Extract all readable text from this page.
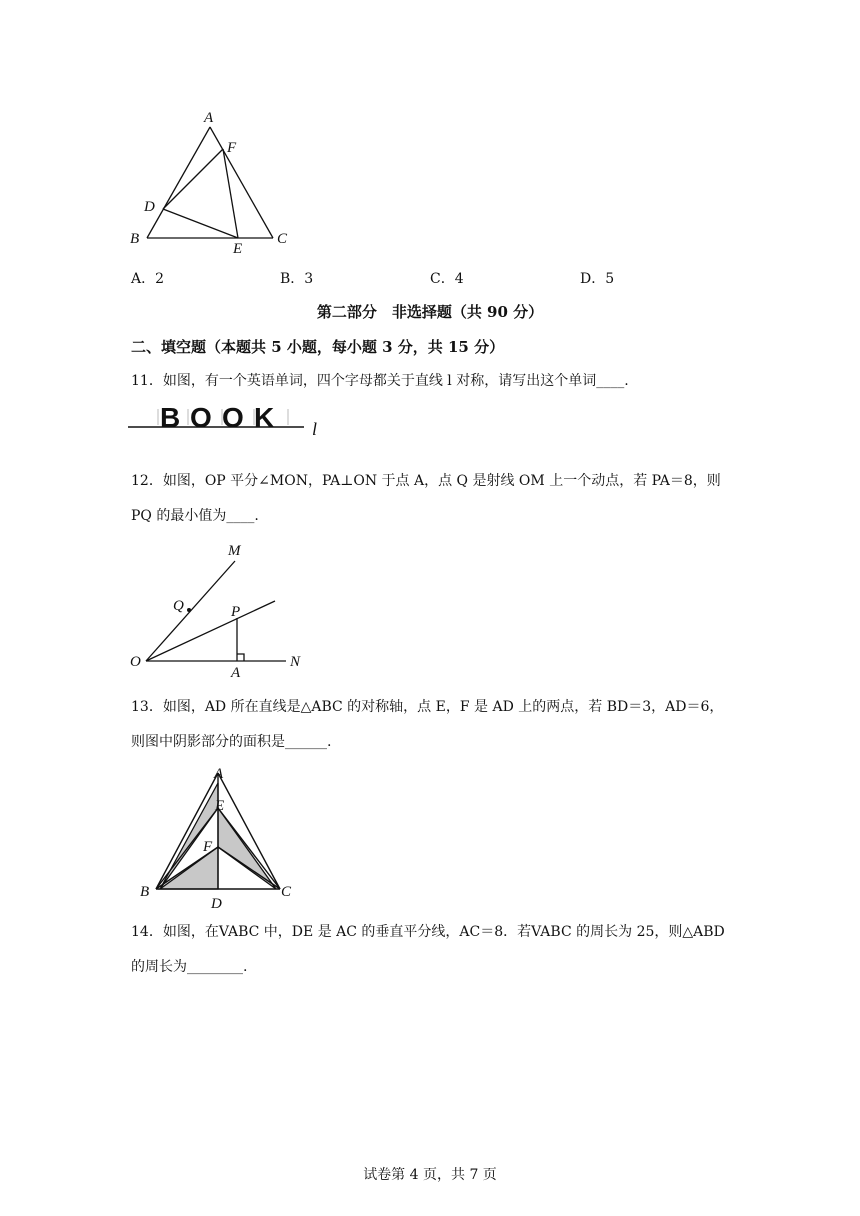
A
F
D
B
E
C
A．2	B．3	C．4	D．5
第二部分　非选择题（共 90 分）
二、填空题（本题共 5 小题，每小题 3 分，共 15 分）
11．如图，有一个英语单词，四个字母都关于直线 l 对称，请写出这个单词____.
B O O K l
12．如图，OP 平分∠MON，PA⊥ON 于点 A，点 Q 是射线 OM 上一个动点，若 PA＝8，则
PQ 的最小值为____.
M
Q	P
O
A
N
13．如图，AD 所在直线是△ABC 的对称轴，点 E，F 是 AD 上的两点，若 BD＝3，AD＝6，
则图中阴影部分的面积是______.
A
E
F
B
D
C
14．如图，在VABC 中，DE 是 AC 的垂直平分线，AC＝8．若VABC 的周长为 25，则△ABD
的周长为________.
试卷第 4 页，共 7 页
